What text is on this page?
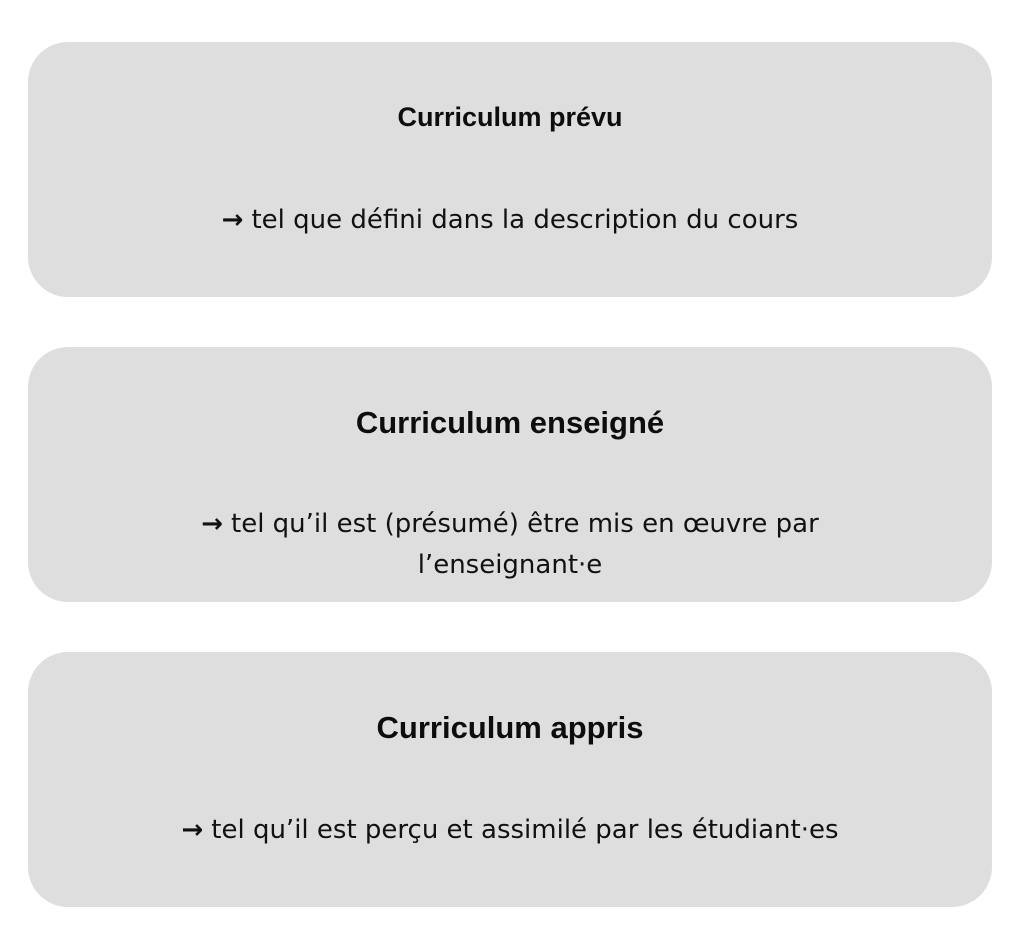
Curriculum prévu

→ tel que défini dans la description du cours

Curriculum enseigné

→ tel qu’il est (présumé) être mis en œuvre par l’enseignant·e

Curriculum appris

→ tel qu’il est perçu et assimilé par les étudiant·es
